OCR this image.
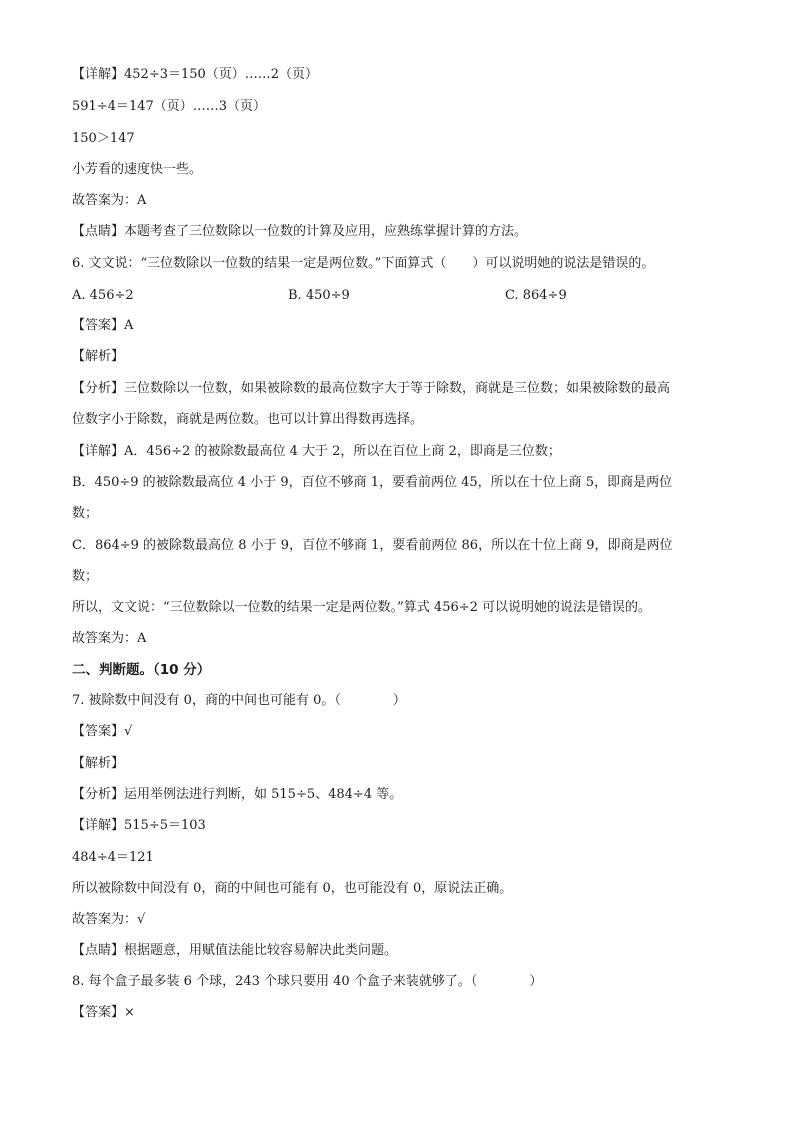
【详解】452÷3＝150（页）……2（页）
591÷4＝147（页）……3（页）
150＞147
小芳看的速度快一些。
故答案为：A
【点睛】本题考查了三位数除以一位数的计算及应用，应熟练掌握计算的方法。
6. 文文说：“三位数除以一位数的结果一定是两位数。”下面算式（　　）可以说明她的说法是错误的。
A. 456÷2	B. 450÷9	C. 864÷9
【答案】A
【解析】
【分析】三位数除以一位数，如果被除数的最高位数字大于等于除数，商就是三位数；如果被除数的最高
位数字小于除数，商就是两位数。也可以计算出得数再选择。
【详解】A．456÷2 的被除数最高位 4 大于 2，所以在百位上商 2，即商是三位数；
B．450÷9 的被除数最高位 4 小于 9，百位不够商 1，要看前两位 45，所以在十位上商 5，即商是两位
数；
C．864÷9 的被除数最高位 8 小于 9，百位不够商 1，要看前两位 86，所以在十位上商 9，即商是两位
数；
所以，文文说：“三位数除以一位数的结果一定是两位数。”算式 456÷2 可以说明她的说法是错误的。
故答案为：A
二、判断题。（10 分）
7. 被除数中间没有 0，商的中间也可能有 0。（　　　　）
【答案】√
【解析】
【分析】运用举例法进行判断，如 515÷5、484÷4 等。
【详解】515÷5＝103
484÷4＝121
所以被除数中间没有 0，商的中间也可能有 0，也可能没有 0，原说法正确。
故答案为：√
【点睛】根据题意，用赋值法能比较容易解决此类问题。
8. 每个盒子最多装 6 个球，243 个球只要用 40 个盒子来装就够了。（　　　　）
【答案】×
